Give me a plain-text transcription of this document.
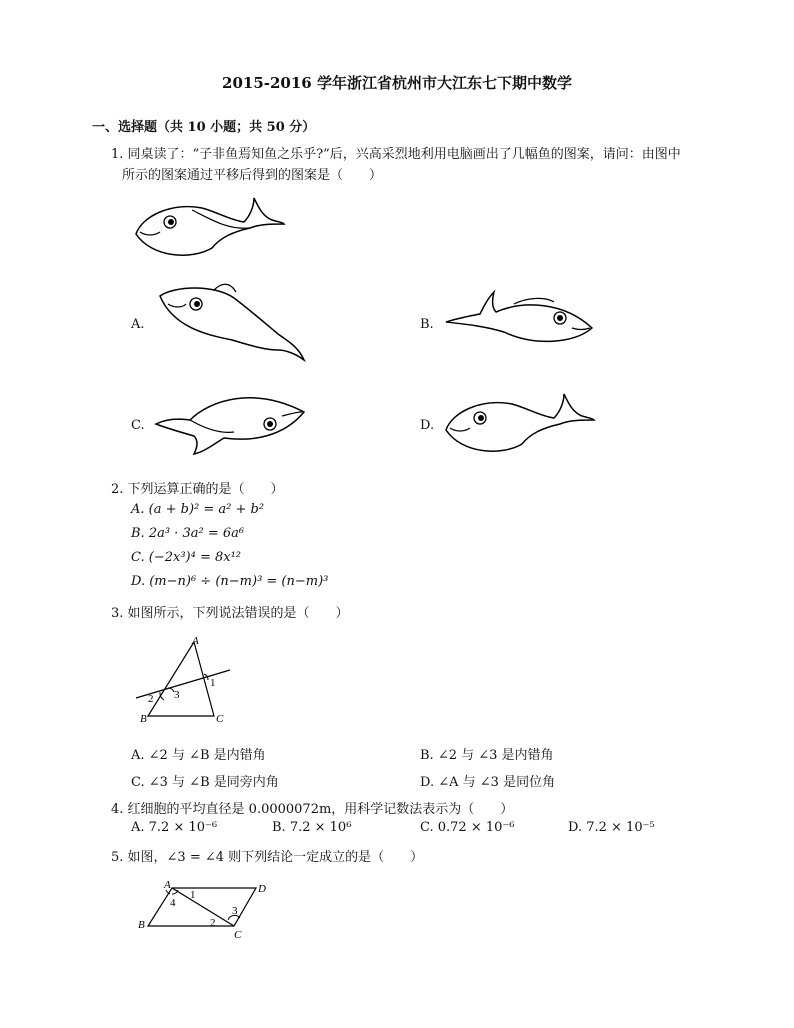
2015-2016 学年浙江省杭州市大江东七下期中数学
一、选择题（共 10 小题；共 50 分）
1. 同桌读了：“子非鱼焉知鱼之乐乎?”后，兴高采烈地利用电脑画出了几幅鱼的图案，请问：由图中
所示的图案通过平移后得到的图案是（　　）
A.	B.
C.	D.
2. 下列运算正确的是（　　）
A. (a + b)² = a² + b²
B. 2a³ · 3a² = 6a⁶
C. (−2x³)⁴ = 8x¹²
D. (m−n)⁶ ÷ (n−m)³ = (n−m)³
3. 如图所示，下列说法错误的是（　　）
A
B	C
1
2 3
A. ∠2 与 ∠B 是内错角	B. ∠2 与 ∠3 是内错角
C. ∠3 与 ∠B 是同旁内角	D. ∠A 与 ∠3 是同位角
4. 红细胞的平均直径是 0.0000072m，用科学记数法表示为（　　）
A. 7.2 × 10⁻⁶	B. 7.2 × 10⁶	C. 0.72 × 10⁻⁶	D. 7.2 × 10⁻⁵
5. 如图，∠3 = ∠4 则下列结论一定成立的是（　　）
A
B
C
D
1
2
3
4
